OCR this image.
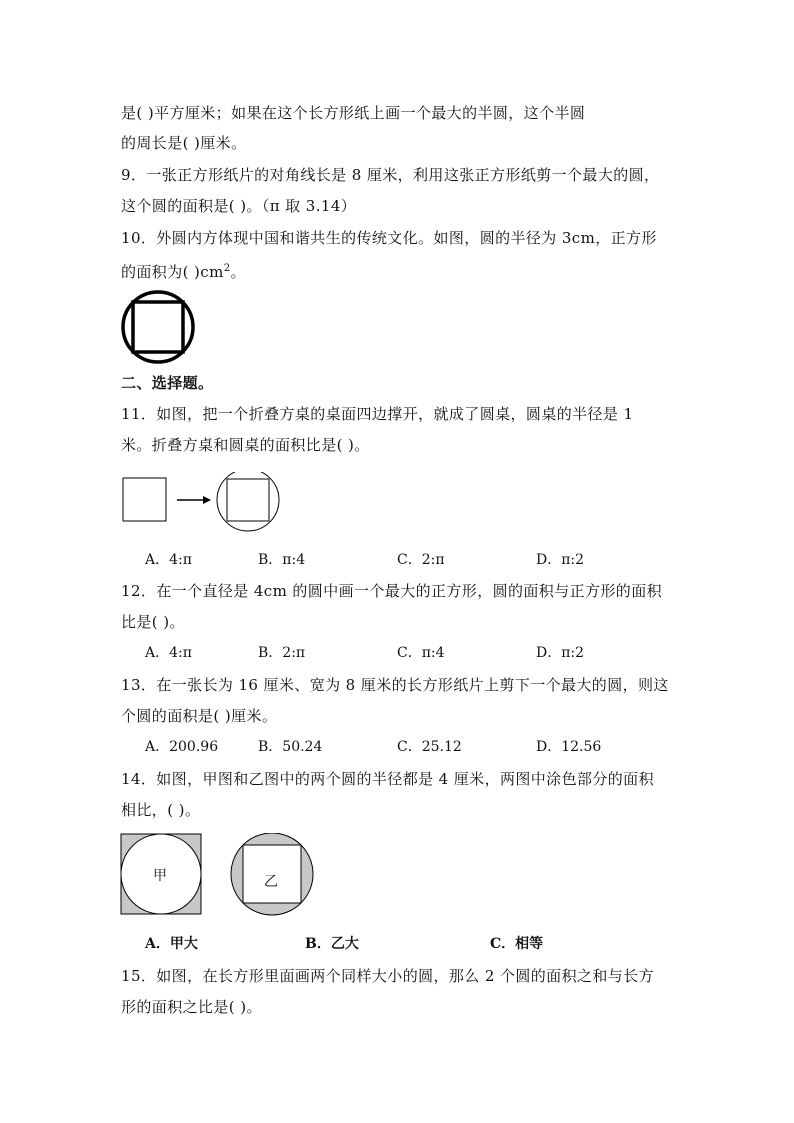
是( )平方厘米；如果在这个长方形纸上画一个最大的半圆，这个半圆
的周长是( )厘米。
9．一张正方形纸片的对角线长是 8 厘米，利用这张正方形纸剪一个最大的圆，
这个圆的面积是( )。（π 取 3.14）
10．外圆内方体现中国和谐共生的传统文化。如图，圆的半径为 3cm，正方形
的面积为( )$cm^2$。
二、选择题。
11．如图，把一个折叠方桌的桌面四边撑开，就成了圆桌，圆桌的半径是 1
米。折叠方桌和圆桌的面积比是( )。
A．4:π	B．π:4	C．2:π	D．π:2
12．在一个直径是 4cm 的圆中画一个最大的正方形，圆的面积与正方形的面积
比是( )。
A．4:π	B．2:π	C．π:4	D．π:2
13．在一张长为 16 厘米、宽为 8 厘米的长方形纸片上剪下一个最大的圆，则这
个圆的面积是( )厘米。
A．200.96	B．50.24	C．25.12	D．12.56
14．如图，甲图和乙图中的两个圆的半径都是 4 厘米，两图中涂色部分的面积
相比，( )。
甲	乙
A．甲大	B．乙大	C．相等
15．如图，在长方形里面画两个同样大小的圆，那么 2 个圆的面积之和与长方
形的面积之比是( )。
